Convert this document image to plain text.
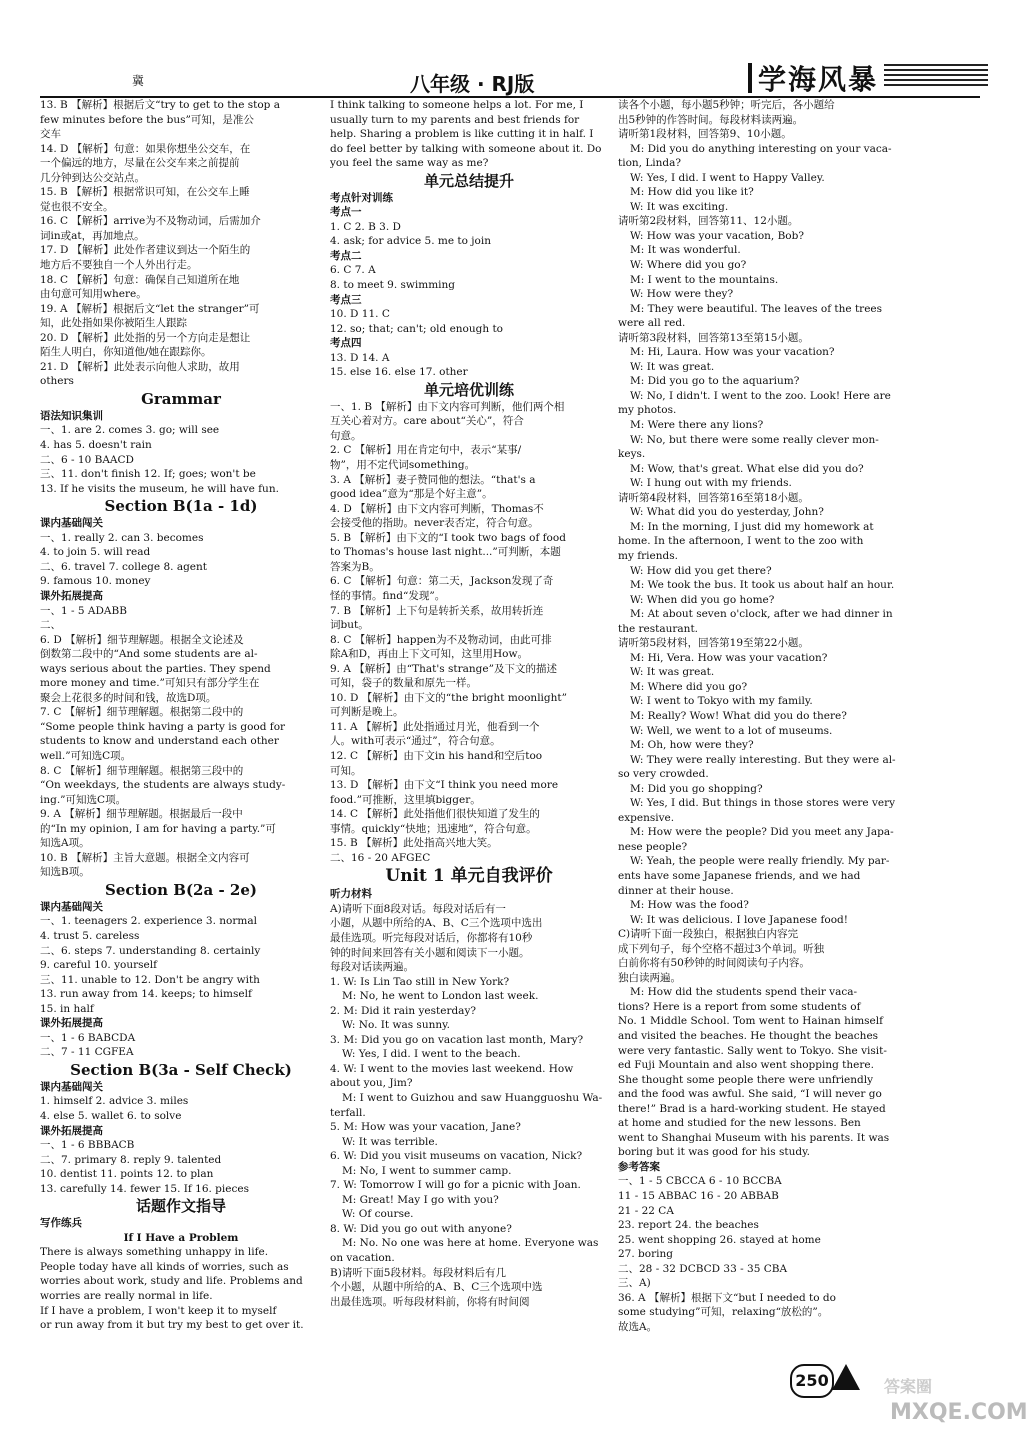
冀	八年级 · RJ版	学海风暴
13. B 【解析】根据后文“try to get to the stop a
few minutes before the bus”可知，是准公
交车
14. D 【解析】句意：如果你想坐公交车，在
一个偏远的地方，尽量在公交车来之前提前
几分钟到达公交站点。
15. B 【解析】根据常识可知，在公交车上睡
觉也很不安全。
16. C 【解析】arrive为不及物动词，后需加介
词in或at，再加地点。
17. D 【解析】此处作者建议到达一个陌生的
地方后不要独自一个人外出行走。
18. C 【解析】句意：确保自己知道所在地
由句意可知用where。
19. A 【解析】根据后文“let the stranger”可
知，此处指如果你被陌生人跟踪
20. D 【解析】此处指的另一个方向走是想让
陌生人明白，你知道他/她在跟踪你。
21. D 【解析】此处表示向他人求助，故用
others
Grammar
语法知识集训
一、1. are 2. comes 3. go; will see
4. has 5. doesn't rain
二、6 - 10 BAACD
三、11. don't finish 12. If; goes; won't be
13. If he visits the museum, he will have fun.
Section B(1a - 1d)
课内基础闯关
一、1. really 2. can 3. becomes
4. to join 5. will read
二、6. travel 7. college 8. agent
9. famous 10. money
课外拓展提高
一、1 - 5 ADABB
二、
6. D 【解析】细节理解题。根据全文论述及
倒数第二段中的“And some students are al-
ways serious about the parties. They spend
more money and time.”可知只有部分学生在
聚会上花很多的时间和钱，故选D项。
7. C 【解析】细节理解题。根据第二段中的
“Some people think having a party is good for
students to know and understand each other
well.”可知选C项。
8. C 【解析】细节理解题。根据第三段中的
“On weekdays, the students are always study-
ing.”可知选C项。
9. A 【解析】细节理解题。根据最后一段中
的“In my opinion, I am for having a party.”可
知选A项。
10. B 【解析】主旨大意题。根据全文内容可
知选B项。
Section B(2a - 2e)
课内基础闯关
一、1. teenagers 2. experience 3. normal
4. trust 5. careless
二、6. steps 7. understanding 8. certainly
9. careful 10. yourself
三、11. unable to 12. Don't be angry with
13. run away from 14. keeps; to himself
15. in half
课外拓展提高
一、1 - 6 BABCDA
二、7 - 11 CGFEA
Section B(3a - Self Check)
课内基础闯关
1. himself 2. advice 3. miles
4. else 5. wallet 6. to solve
课外拓展提高
一、1 - 6 BBBACB
二、7. primary 8. reply 9. talented
10. dentist 11. points 12. to plan
13. carefully 14. fewer 15. If 16. pieces
话题作文指导
写作练兵
If I Have a Problem
There is always something unhappy in life.
People today have all kinds of worries, such as
worries about work, study and life. Problems and
worries are really normal in life.
If I have a problem, I won't keep it to myself
or run away from it but try my best to get over it.
I think talking to someone helps a lot. For me, I
usually turn to my parents and best friends for
help. Sharing a problem is like cutting it in half. I
do feel better by talking with someone about it. Do
you feel the same way as me?
单元总结提升
考点针对训练
考点一
1. C 2. B 3. D
4. ask; for advice 5. me to join
考点二
6. C 7. A
8. to meet 9. swimming
考点三
10. D 11. C
12. so; that; can't; old enough to
考点四
13. D 14. A
15. else 16. else 17. other
单元培优训练
一、1. B 【解析】由下文内容可判断，他们两个相
互关心着对方。care about“关心”，符合
句意。
2. C 【解析】用在肯定句中，表示“某事/
物”，用不定代词something。
3. A 【解析】妻子赞同他的想法。“that's a
good idea”意为“那是个好主意”。
4. D 【解析】由下文内容可判断，Thomas不
会接受他的指助。never表否定，符合句意。
5. B 【解析】由下文的“I took two bags of food
to Thomas's house last night...”可判断，本题
答案为B。
6. C 【解析】句意：第二天，Jackson发现了奇
怪的事情。find“发现”。
7. B 【解析】上下句是转折关系，故用转折连
词but。
8. C 【解析】happen为不及物动词，由此可排
除A和D，再由上下文可知，这里用How。
9. A 【解析】由“That's strange”及下文的描述
可知，袋子的数量和原先一样。
10. D 【解析】由下文的“the bright moonlight”
可判断是晚上。
11. A 【解析】此处指通过月光，他看到一个
人。with可表示“通过”，符合句意。
12. C 【解析】由下文in his hand和空后too
可知。
13. D 【解析】由下文“I think you need more
food.”可推断，这里填bigger。
14. C 【解析】此处指他们很快知道了发生的
事情。quickly“快地；迅速地”，符合句意。
15. B 【解析】此处指高兴地大笑。
二、16 - 20 AFGEC
Unit 1 单元自我评价
听力材料
A)请听下面8段对话。每段对话后有一
小题，从题中所给的A、B、C三个选项中选出
最佳选项。听完每段对话后，你都将有10秒
钟的时间来回答有关小题和阅读下一小题。
每段对话读两遍。
1. W: Is Lin Tao still in New York?
M: No, he went to London last week.
2. M: Did it rain yesterday?
W: No. It was sunny.
3. M: Did you go on vacation last month, Mary?
W: Yes, I did. I went to the beach.
4. W: I went to the movies last weekend. How
about you, Jim?
M: I went to Guizhou and saw Huangguoshu Wa-
terfall.
5. M: How was your vacation, Jane?
W: It was terrible.
6. W: Did you visit museums on vacation, Nick?
M: No, I went to summer camp.
7. W: Tomorrow I will go for a picnic with Joan.
M: Great! May I go with you?
W: Of course.
8. W: Did you go out with anyone?
M: No. No one was here at home. Everyone was
on vacation.
B)请听下面5段材料。每段材料后有几
个小题，从题中所给的A、B、C三个选项中选
出最佳选项。听每段材料前，你将有时间阅
读各个小题，每小题5秒钟；听完后，各小题给
出5秒钟的作答时间。每段材料读两遍。
请听第1段材料，回答第9、10小题。
M: Did you do anything interesting on your vaca-
tion, Linda?
W: Yes, I did. I went to Happy Valley.
M: How did you like it?
W: It was exciting.
请听第2段材料，回答第11、12小题。
W: How was your vacation, Bob?
M: It was wonderful.
W: Where did you go?
M: I went to the mountains.
W: How were they?
M: They were beautiful. The leaves of the trees
were all red.
请听第3段材料，回答第13至第15小题。
M: Hi, Laura. How was your vacation?
W: It was great.
M: Did you go to the aquarium?
W: No, I didn't. I went to the zoo. Look! Here are
my photos.
M: Were there any lions?
W: No, but there were some really clever mon-
keys.
M: Wow, that's great. What else did you do?
W: I hung out with my friends.
请听第4段材料，回答第16至第18小题。
W: What did you do yesterday, John?
M: In the morning, I just did my homework at
home. In the afternoon, I went to the zoo with
my friends.
W: How did you get there?
M: We took the bus. It took us about half an hour.
W: When did you go home?
M: At about seven o'clock, after we had dinner in
the restaurant.
请听第5段材料，回答第19至第22小题。
M: Hi, Vera. How was your vacation?
W: It was great.
M: Where did you go?
W: I went to Tokyo with my family.
M: Really? Wow! What did you do there?
W: Well, we went to a lot of museums.
M: Oh, how were they?
W: They were really interesting. But they were al-
so very crowded.
M: Did you go shopping?
W: Yes, I did. But things in those stores were very
expensive.
M: How were the people? Did you meet any Japa-
nese people?
W: Yeah, the people were really friendly. My par-
ents have some Japanese friends, and we had
dinner at their house.
M: How was the food?
W: It was delicious. I love Japanese food!
C)请听下面一段独白，根据独白内容完
成下列句子，每个空格不超过3个单词。听独
白前你将有50秒钟的时间阅读句子内容。
独白读两遍。
M: How did the students spend their vaca-
tions? Here is a report from some students of
No. 1 Middle School. Tom went to Hainan himself
and visited the beaches. He thought the beaches
were very fantastic. Sally went to Tokyo. She visit-
ed Fuji Mountain and also went shopping there.
She thought some people there were unfriendly
and the food was awful. She said, “I will never go
there!” Brad is a hard-working student. He stayed
at home and studied for the new lessons. Ben
went to Shanghai Museum with his parents. It was
boring but it was good for his study.
参考答案
一、1 - 5 CBCCA 6 - 10 BCCBA
11 - 15 ABBAC 16 - 20 ABBAB
21 - 22 CA
23. report 24. the beaches
25. went shopping 26. stayed at home
27. boring
二、28 - 32 DCBCD 33 - 35 CBA
三、A)
36. A 【解析】根据下文“but I needed to do
some studying”可知，relaxing“放松的”。
故选A。
250	答案圈
MXQE.COM
